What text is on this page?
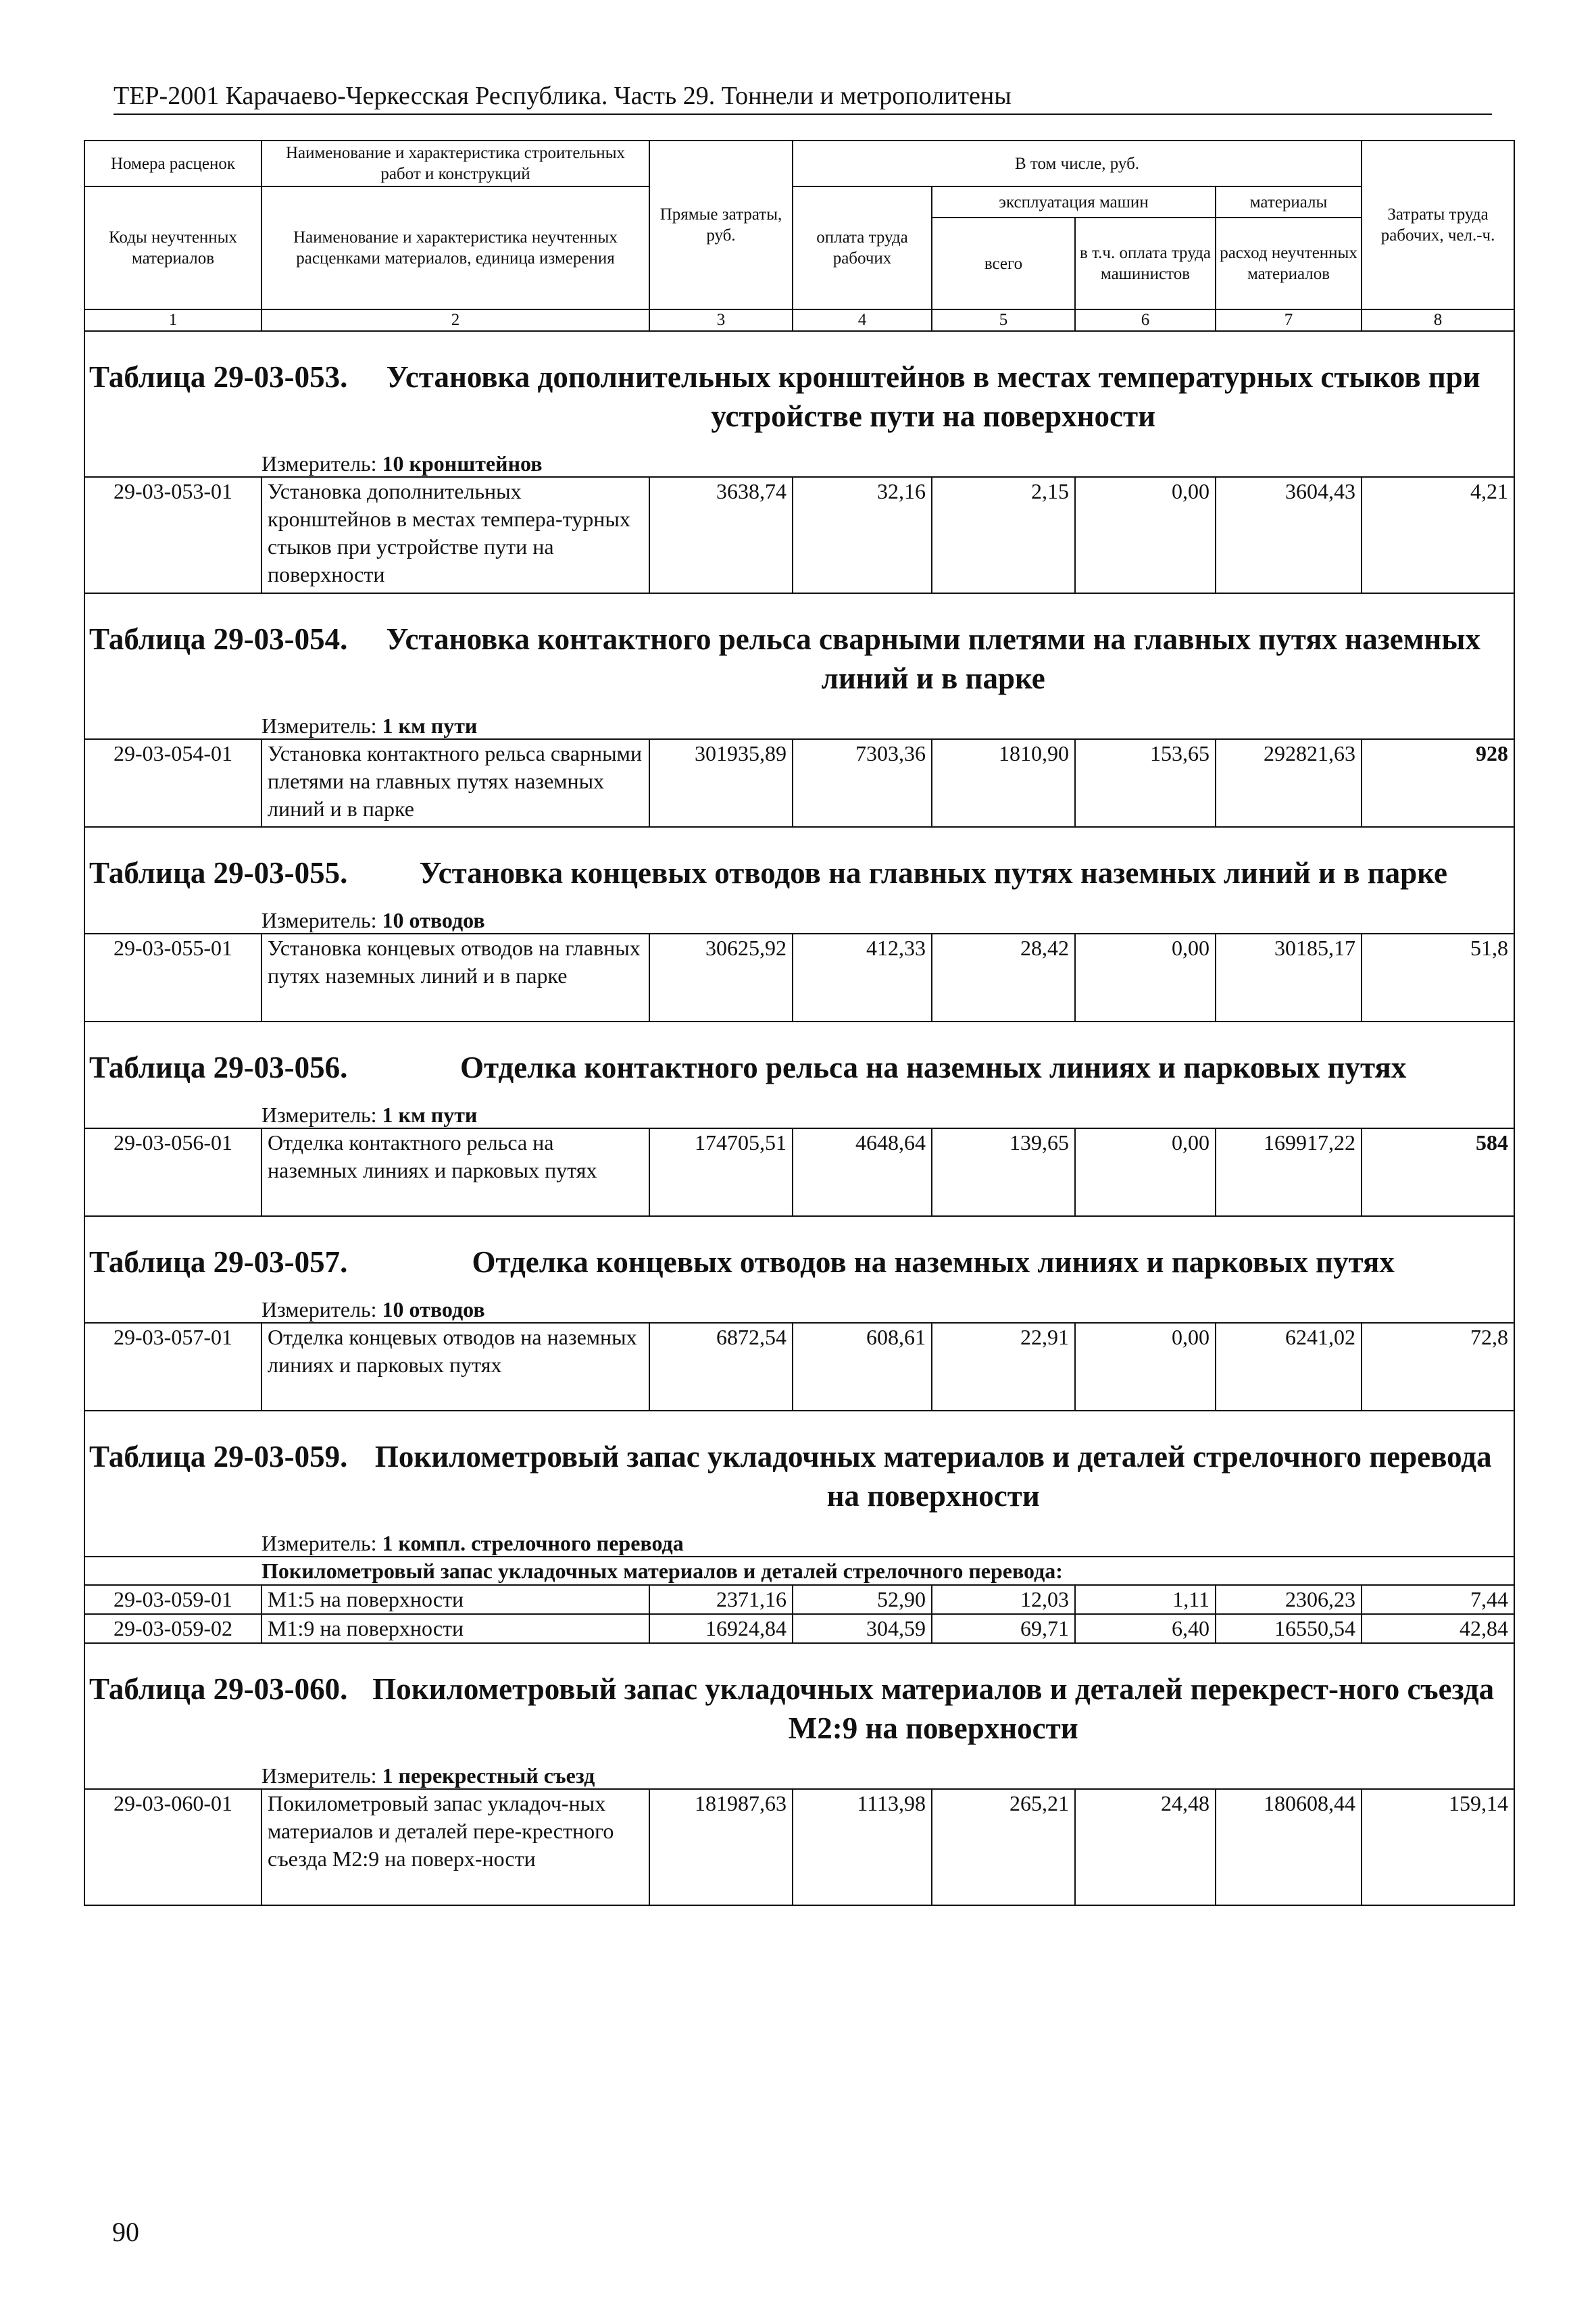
ТЕР-2001 Карачаево-Черкесская Республика. Часть 29. Тоннели и метрополитены
Номера расценок	Наименование и характеристика строительных работ и конструкций	Прямые затраты, руб.	В том числе, руб.				Затраты труда рабочих, чел.-ч.
Коды неучтенных материалов	Наименование и характеристика неучтенных расценками материалов, единица измерения		оплата труда рабочих	эксплуатация машин		материалы	
				всего	в т.ч. оплата труда машинистов	расход неучтенных материалов	
1	2	3	4	5	6	7	8

Таблица 29-03-053. Установка дополнительных кронштейнов в местах температурных стыков при устройстве пути на поверхности							

	Измеритель: 10 кронштейнов						
29-03-053-01	Установка дополнительных кронштейнов в местах темпера-турных стыков при устройстве пути на поверхности	3638,74	32,16	2,15	0,00	3604,43	4,21

Таблица 29-03-054. Установка контактного рельса сварными плетями на главных путях наземных линий и в парке							

	Измеритель: 1 км пути						
29-03-054-01	Установка контактного рельса сварными плетями на главных путях наземных линий и в парке	301935,89	7303,36	1810,90	153,65	292821,63	928

Таблица 29-03-055. Установка концевых отводов на главных путях наземных линий и в парке							

	Измеритель: 10 отводов						
29-03-055-01	Установка концевых отводов на главных путях наземных линий и в парке	30625,92	412,33	28,42	0,00	30185,17	51,8

Таблица 29-03-056. Отделка контактного рельса на наземных линиях и парковых путях							

	Измеритель: 1 км пути						
29-03-056-01	Отделка контактного рельса на наземных линиях и парковых путях	174705,51	4648,64	139,65	0,00	169917,22	584

Таблица 29-03-057. Отделка концевых отводов на наземных линиях и парковых путях							

	Измеритель: 10 отводов						
29-03-057-01	Отделка концевых отводов на наземных линиях и парковых путях	6872,54	608,61	22,91	0,00	6241,02	72,8

Таблица 29-03-059. Покилометровый запас укладочных материалов и деталей стрелочного перевода на поверхности							

	Измеритель: 1 компл. стрелочного перевода						
	Покилометровый запас укладочных материалов и деталей стрелочного перевода:						
29-03-059-01	М1:5 на поверхности	2371,16	52,90	12,03	1,11	2306,23	7,44
29-03-059-02	М1:9 на поверхности	16924,84	304,59	69,71	6,40	16550,54	42,84

Таблица 29-03-060. Покилометровый запас укладочных материалов и деталей перекрест-ного съезда М2:9 на поверхности							

	Измеритель: 1 перекрестный съезд						
29-03-060-01	Покилометровый запас укладоч-ных материалов и деталей пере-крестного съезда М2:9 на поверх-ности	181987,63	1113,98	265,21	24,48	180608,44	159,14

90
